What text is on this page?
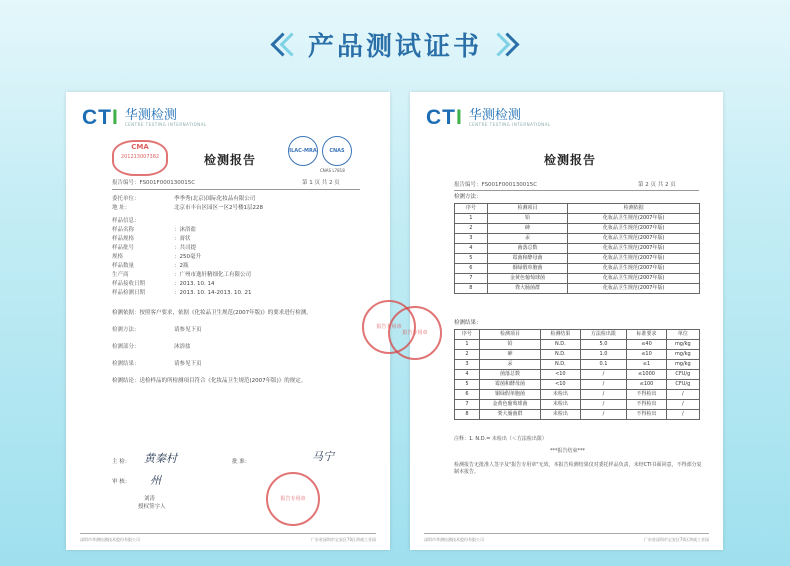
产品测试证书
CTI 华测检测
CENTRE TESTING INTERNATIONAL
CMA
201213007382	检测报告
ILAC-MRA	CNAS
CNAS L7818
报告编号：FS001F000130015C	第 1 页 共 2 页
委托单位：	季季秀(北京)国际化妆品有限公司
地 址：	北京市丰台区园区一区2号楼1层228
样品信息：
样品名称	：沐浴盐
样品规格	：膏状
样品批号	：共司提
规格	：250毫升
样品数量	：2瓶
生产商	：广州市逸轩精细化工有限公司
样品接收日期	：2013. 10. 14
样品检测日期	：2013. 10. 14-2013. 10. 21
检测依据：按照客户要求，依据《化妆品卫生规范(2007年版)》的要求进行检测。
检测方法：	请参见下页
检测部分：	沐浴盐
检测结果：	请参见下页
检测结论：送检样品的所检测项目符合《化妆品卫生规范(2007年版)》的规定。
主 检： 黄秦村	批 准：	马宁
审 核： 州
刘涛
授权签字人
报告专用章
深圳市华测检测技术股份有限公司	广东省深圳市宝安区70区鸿威工业园
CTI 华测检测
CENTRE TESTING INTERNATIONAL
检测报告
报告编号：FS001F000130015C	第 2 页 共 2 页
检测方法：
序号	检测项目	检测依据
1	铅	化妆品卫生规范(2007年版)
2	砷	化妆品卫生规范(2007年版)
3	汞	化妆品卫生规范(2007年版)
4	菌落总数	化妆品卫生规范(2007年版)
5	霉菌和酵母菌	化妆品卫生规范(2007年版)
6	铜绿假单胞菌	化妆品卫生规范(2007年版)
7	金黄色葡萄球菌	化妆品卫生规范(2007年版)
8	粪大肠菌群	化妆品卫生规范(2007年版)
检测结果：
序号	检测项目	检测结果	方法检出限	标准要求	单位
1	铅	N.D.	5.0	≤40	mg/kg
2	砷	N.D.	1.0	≤10	mg/kg
3	汞	N.D.	0.1	≤1	mg/kg
4	菌落总数	<10	/	≤1000	CFU/g
5	霉菌和酵母菌	<10	/	≤100	CFU/g
6	铜绿假单胞菌	未检出	/	不得检出	/
7	金黄色葡萄球菌	未检出	/	不得检出	/
8	粪大肠菌群	未检出	/	不得检出	/
注释：1. N.D.= 未检出（＜方法检出限）
***报告结束***
检测报告无批准人签字及"报告专用章"无效，本报告检测结果仅对委托样品负责，未经CTI书面同意，不得部分复制本报告。
报告专用章
深圳市华测检测技术股份有限公司	广东省深圳市宝安区70区鸿威工业园
报告专用章
